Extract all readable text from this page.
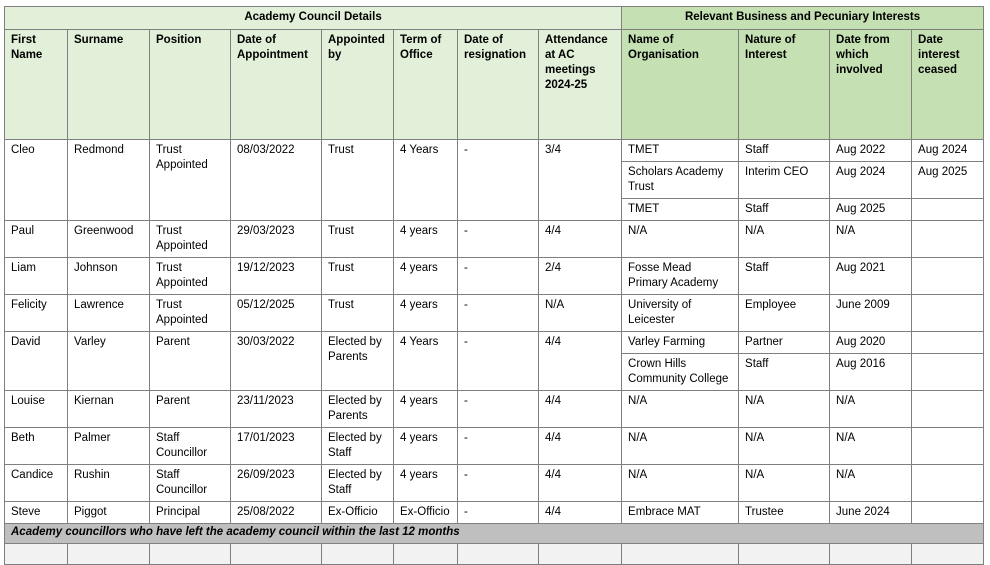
Academy Council Details								Relevant Business and Pecuniary Interests			
First Name	Surname	Position	Date of Appointment	Appointed by	Term of Office	Date of resignation	Attendance at AC meetings 2024-25	Name of Organisation	Nature of Interest	Date from which involved	Date interest ceased
Cleo	Redmond	Trust Appointed	08/03/2022	Trust	4 Years	-	3/4	TMET	Staff	Aug 2022	Aug 2024
								Scholars Academy Trust	Interim CEO	Aug 2024	Aug 2025
								TMET	Staff	Aug 2025	
Paul	Greenwood	Trust Appointed	29/03/2023	Trust	4 years	-	4/4	N/A	N/A	N/A	
Liam	Johnson	Trust Appointed	19/12/2023	Trust	4 years	-	2/4	Fosse Mead Primary Academy	Staff	Aug 2021	
Felicity	Lawrence	Trust Appointed	05/12/2025	Trust	4 years	-	N/A	University of Leicester	Employee	June 2009	
David	Varley	Parent	30/03/2022	Elected by Parents	4 Years	-	4/4	Varley Farming	Partner	Aug 2020	
								Crown Hills Community College	Staff	Aug 2016	
Louise	Kiernan	Parent	23/11/2023	Elected by Parents	4 years	-	4/4	N/A	N/A	N/A	
Beth	Palmer	Staff Councillor	17/01/2023	Elected by Staff	4 years	-	4/4	N/A	N/A	N/A	
Candice	Rushin	Staff Councillor	26/09/2023	Elected by Staff	4 years	-	4/4	N/A	N/A	N/A	
Steve	Piggot	Principal	25/08/2022	Ex-Officio	Ex-Officio	-	4/4	Embrace MAT	Trustee	June 2024	
Academy councillors who have left the academy council within the last 12 months											
